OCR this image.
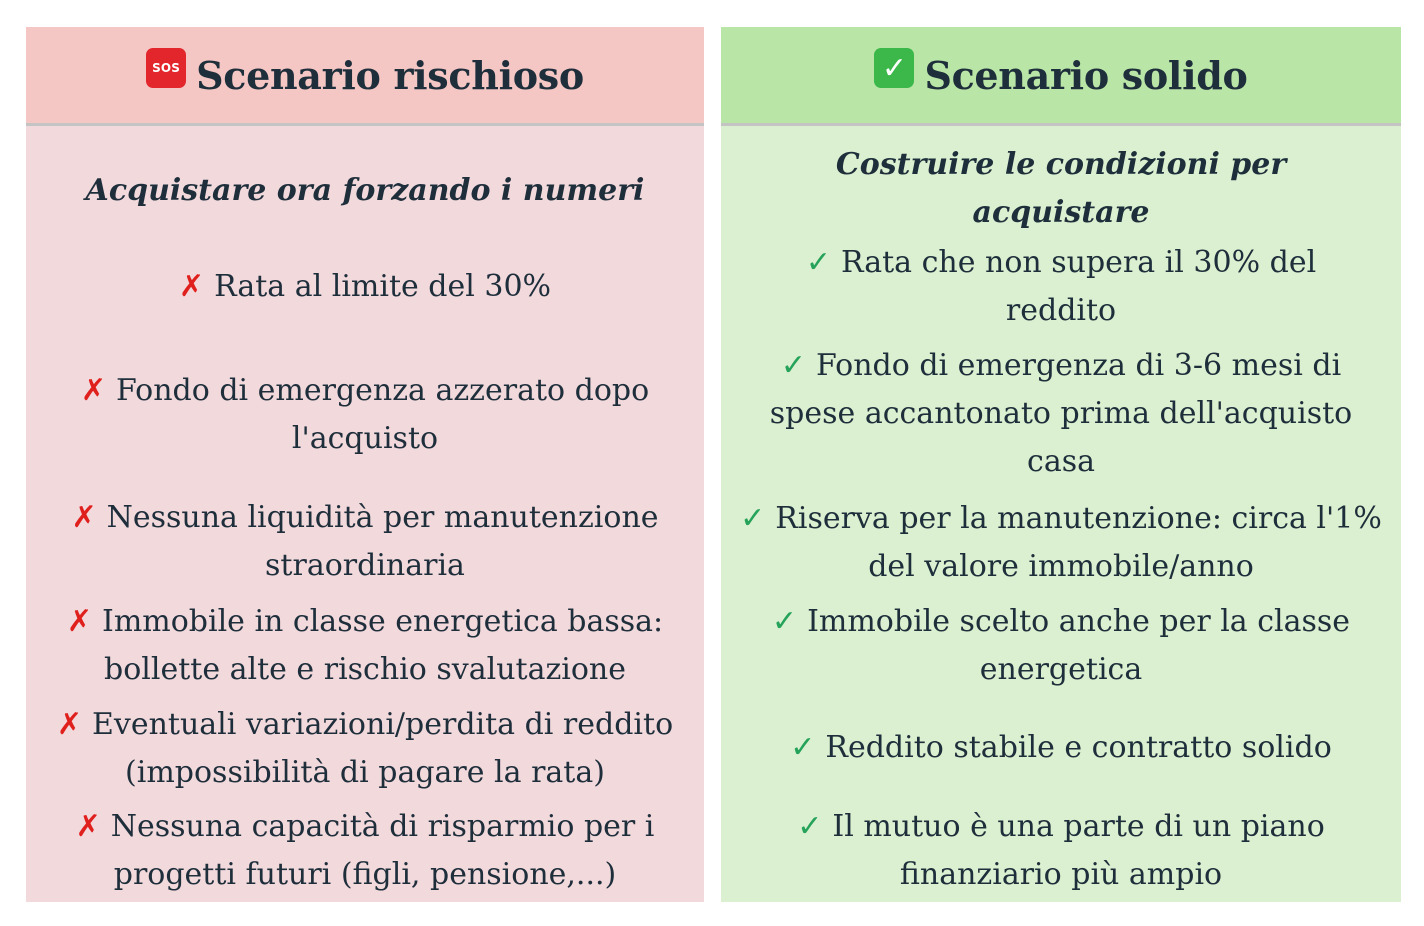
SOS Scenario rischioso
Acquistare ora forzando i numeri
✗ Rata al limite del 30%
✗ Fondo di emergenza azzerato dopo l'acquisto
✗ Nessuna liquidità per manutenzione straordinaria
✗ Immobile in classe energetica bassa: bollette alte e rischio svalutazione
✗ Eventuali variazioni/perdita di reddito (impossibilità di pagare la rata)
✗ Nessuna capacità di risparmio per i progetti futuri (figli, pensione,...)
✓ Scenario solido
Costruire le condizioni per acquistare
✓ Rata che non supera il 30% del reddito
✓ Fondo di emergenza di 3-6 mesi di spese accantonato prima dell'acquisto casa
✓ Riserva per la manutenzione: circa l'1% del valore immobile/anno
✓ Immobile scelto anche per la classe energetica
✓ Reddito stabile e contratto solido
✓ Il mutuo è una parte di un piano finanziario più ampio
